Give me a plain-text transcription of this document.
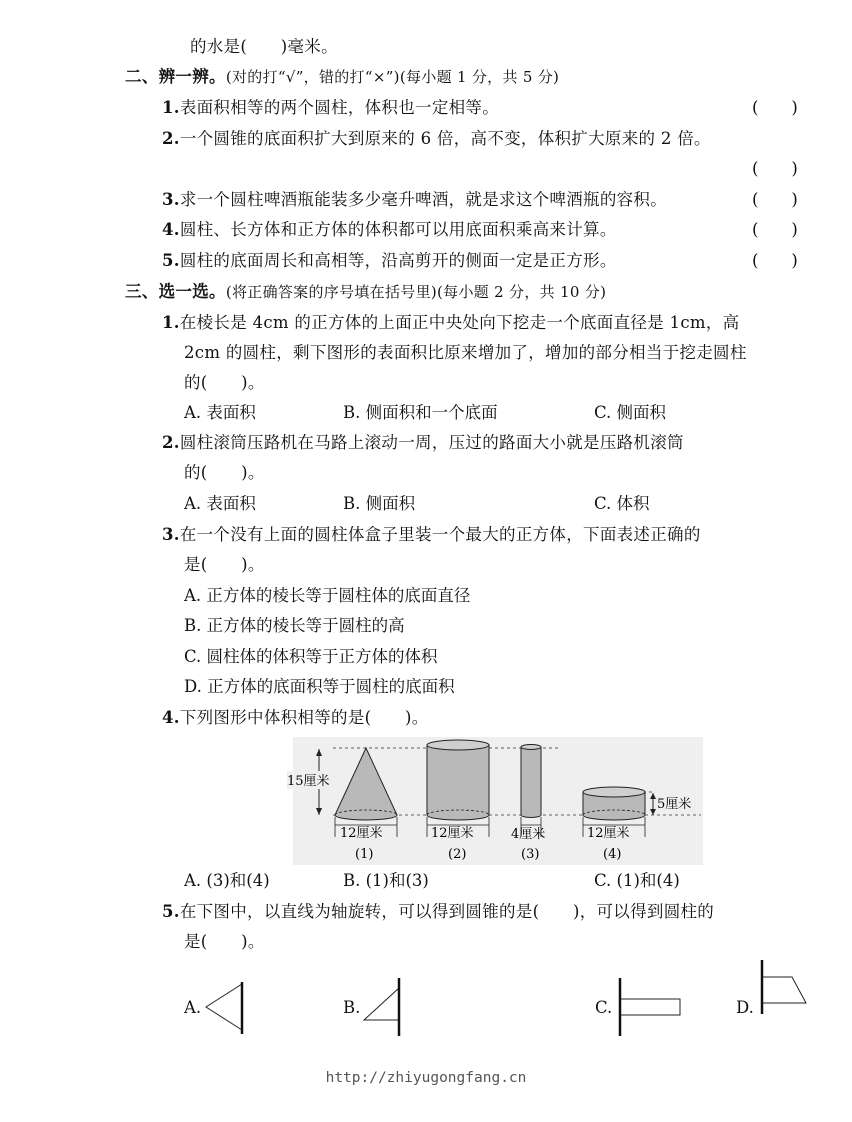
的水是(　　)毫米。
二、辨一辨。(对的打“√”，错的打“×”)(每小题 1 分，共 5 分)
1.表面积相等的两个圆柱，体积也一定相等。	(　　)
2.一个圆锥的底面积扩大到原来的 6 倍，高不变，体积扩大原来的 2 倍。
(　　)
3.求一个圆柱啤酒瓶能装多少毫升啤酒，就是求这个啤酒瓶的容积。	(　　)
4.圆柱、长方体和正方体的体积都可以用底面积乘高来计算。	(　　)
5.圆柱的底面周长和高相等，沿高剪开的侧面一定是正方形。	(　　)
三、选一选。(将正确答案的序号填在括号里)(每小题 2 分，共 10 分)
1.在棱长是 4cm 的正方体的上面正中央处向下挖走一个底面直径是 1cm，高
2cm 的圆柱，剩下图形的表面积比原来增加了，增加的部分相当于挖走圆柱
的(　　)。
A. 表面积	B. 侧面积和一个底面	C. 侧面积
2.圆柱滚筒压路机在马路上滚动一周，压过的路面大小就是压路机滚筒
的(　　)。
A. 表面积	B. 侧面积	C. 体积
3.在一个没有上面的圆柱体盒子里装一个最大的正方体，下面表述正确的
是(　　)。
A. 正方体的棱长等于圆柱体的底面直径
B. 正方体的棱长等于圆柱的高
C. 圆柱体的体积等于正方体的体积
D. 正方体的底面积等于圆柱的底面积
4.下列图形中体积相等的是(　　)。
15厘米
12厘米
(1)
12厘米
(2)
4厘米
(3)
5厘米
12厘米
(4)
A. (3)和(4)	B. (1)和(3)	C. (1)和(4)
5.在下图中，以直线为轴旋转，可以得到圆锥的是(　　)，可以得到圆柱的
是(　　)。
A.	B.	C.	D.
http://zhiyugongfang.cn
